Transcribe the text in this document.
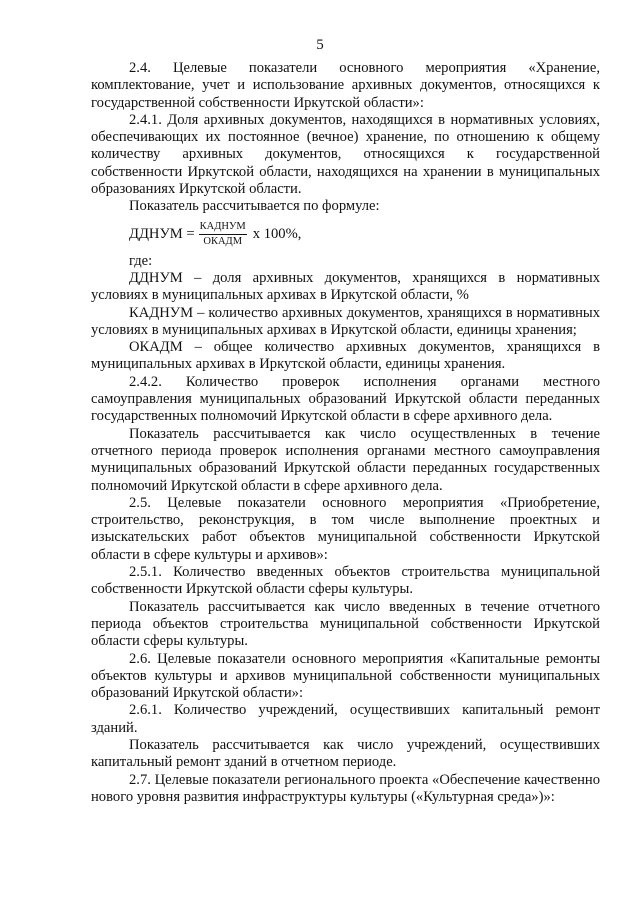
5

2.4. Целевые показатели основного мероприятия «Хранение, комплектование, учет и использование архивных документов, относящихся к государственной собственности Иркутской области»:

2.4.1. Доля архивных документов, находящихся в нормативных условиях, обеспечивающих их постоянное (вечное) хранение, по отношению к общему количеству архивных документов, относящихся к государственной собственности Иркутской области, находящихся на хранении в муниципальных образованиях Иркутской области.

Показатель рассчитывается по формуле:

ДДНУМ = $\frac{\text{КАДНУМ}}{\text{ОКАДМ}}$ х 100%,

где:

ДДНУМ – доля архивных документов, хранящихся в нормативных условиях в муниципальных архивах в Иркутской области, %

КАДНУМ – количество архивных документов, хранящихся в нормативных условиях в муниципальных архивах в Иркутской области, единицы хранения;

ОКАДМ – общее количество архивных документов, хранящихся в муниципальных архивах в Иркутской области, единицы хранения.

2.4.2. Количество проверок исполнения органами местного самоуправления муниципальных образований Иркутской области переданных государственных полномочий Иркутской области в сфере архивного дела.

Показатель рассчитывается как число осуществленных в течение отчетного периода проверок исполнения органами местного самоуправления муниципальных образований Иркутской области переданных государственных полномочий Иркутской области в сфере архивного дела.

2.5. Целевые показатели основного мероприятия «Приобретение, строительство, реконструкция, в том числе выполнение проектных и изыскательских работ объектов муниципальной собственности Иркутской области в сфере культуры и архивов»:

2.5.1. Количество введенных объектов строительства муниципальной собственности Иркутской области сферы культуры.

Показатель рассчитывается как число введенных в течение отчетного периода объектов строительства муниципальной собственности Иркутской области сферы культуры.

2.6. Целевые показатели основного мероприятия «Капитальные ремонты объектов культуры и архивов муниципальной собственности муниципальных образований Иркутской области»:

2.6.1. Количество учреждений, осуществивших капитальный ремонт зданий.

Показатель рассчитывается как число учреждений, осуществивших капитальный ремонт зданий в отчетном периоде.

2.7. Целевые показатели регионального проекта «Обеспечение качественно нового уровня развития инфраструктуры культуры («Культурная среда»)»:
